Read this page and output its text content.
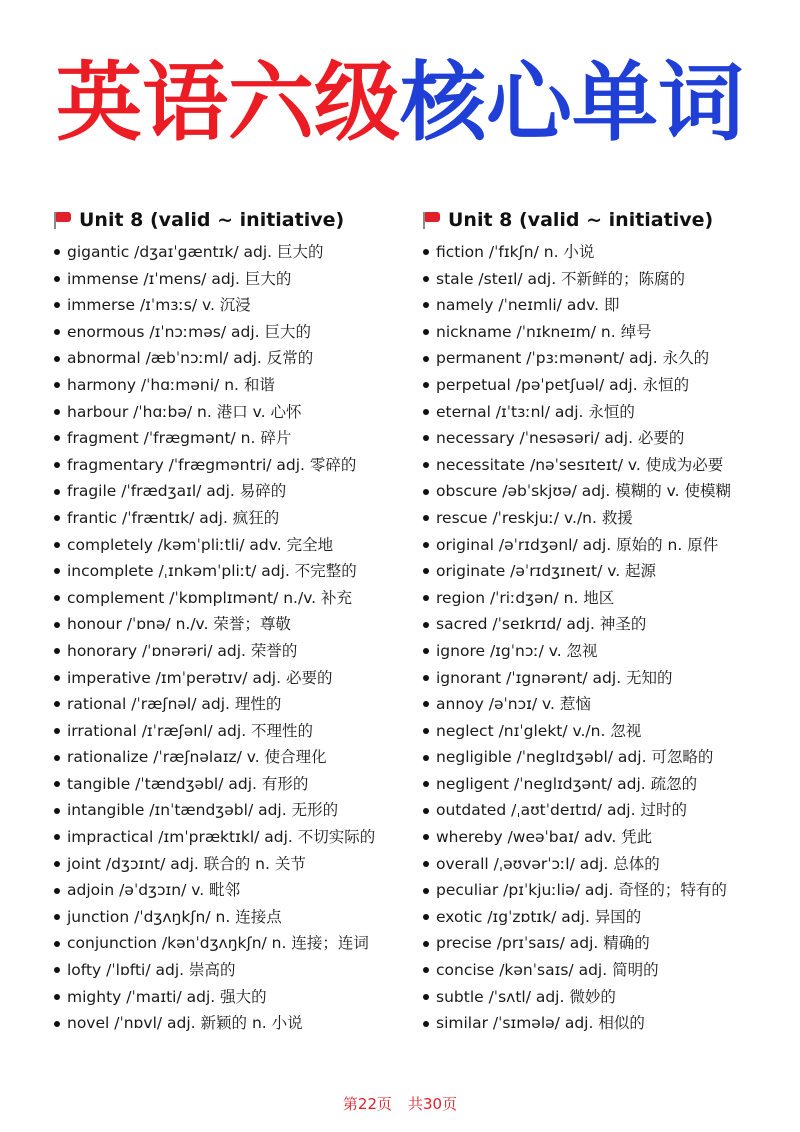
英语六级核心单词
Unit 8 (valid ~ initiative)
gigantic /dʒaɪˈgæntɪk/ adj. 巨大的
immense /ɪˈmens/ adj. 巨大的
immerse /ɪˈmɜːs/ v. 沉浸
enormous /ɪˈnɔːməs/ adj. 巨大的
abnormal /æbˈnɔːml/ adj. 反常的
harmony /ˈhɑːməni/ n. 和谐
harbour /ˈhɑːbə/ n. 港口 v. 心怀
fragment /ˈfrægmənt/ n. 碎片
fragmentary /ˈfrægməntri/ adj. 零碎的
fragile /ˈfrædʒaɪl/ adj. 易碎的
frantic /ˈfræntɪk/ adj. 疯狂的
completely /kəmˈpliːtli/ adv. 完全地
incomplete /ˌɪnkəmˈpliːt/ adj. 不完整的
complement /ˈkɒmplɪmənt/ n./v. 补充
honour /ˈɒnə/ n./v. 荣誉；尊敬
honorary /ˈɒnərəri/ adj. 荣誉的
imperative /ɪmˈperətɪv/ adj. 必要的
rational /ˈræʃnəl/ adj. 理性的
irrational /ɪˈræʃənl/ adj. 不理性的
rationalize /ˈræʃnəlaɪz/ v. 使合理化
tangible /ˈtændʒəbl/ adj. 有形的
intangible /ɪnˈtændʒəbl/ adj. 无形的
impractical /ɪmˈpræktɪkl/ adj. 不切实际的
joint /dʒɔɪnt/ adj. 联合的 n. 关节
adjoin /əˈdʒɔɪn/ v. 毗邻
junction /ˈdʒʌŋkʃn/ n. 连接点
conjunction /kənˈdʒʌŋkʃn/ n. 连接；连词
lofty /ˈlɒfti/ adj. 崇高的
mighty /ˈmaɪti/ adj. 强大的
novel /ˈnɒvl/ adj. 新颖的 n. 小说
Unit 8 (valid ~ initiative)
fiction /ˈfɪkʃn/ n. 小说
stale /steɪl/ adj. 不新鲜的；陈腐的
namely /ˈneɪmli/ adv. 即
nickname /ˈnɪkneɪm/ n. 绰号
permanent /ˈpɜːmənənt/ adj. 永久的
perpetual /pəˈpetʃuəl/ adj. 永恒的
eternal /ɪˈtɜːnl/ adj. 永恒的
necessary /ˈnesəsəri/ adj. 必要的
necessitate /nəˈsesɪteɪt/ v. 使成为必要
obscure /əbˈskjʊə/ adj. 模糊的 v. 使模糊
rescue /ˈreskjuː/ v./n. 救援
original /əˈrɪdʒənl/ adj. 原始的 n. 原件
originate /əˈrɪdʒɪneɪt/ v. 起源
region /ˈriːdʒən/ n. 地区
sacred /ˈseɪkrɪd/ adj. 神圣的
ignore /ɪgˈnɔː/ v. 忽视
ignorant /ˈɪgnərənt/ adj. 无知的
annoy /əˈnɔɪ/ v. 惹恼
neglect /nɪˈglekt/ v./n. 忽视
negligible /ˈneglɪdʒəbl/ adj. 可忽略的
negligent /ˈneglɪdʒənt/ adj. 疏忽的
outdated /ˌaʊtˈdeɪtɪd/ adj. 过时的
whereby /weəˈbaɪ/ adv. 凭此
overall /ˌəʊvərˈɔːl/ adj. 总体的
peculiar /pɪˈkjuːliə/ adj. 奇怪的；特有的
exotic /ɪgˈzɒtɪk/ adj. 异国的
precise /prɪˈsaɪs/ adj. 精确的
concise /kənˈsaɪs/ adj. 简明的
subtle /ˈsʌtl/ adj. 微妙的
similar /ˈsɪmələ/ adj. 相似的
第22页 共30页
